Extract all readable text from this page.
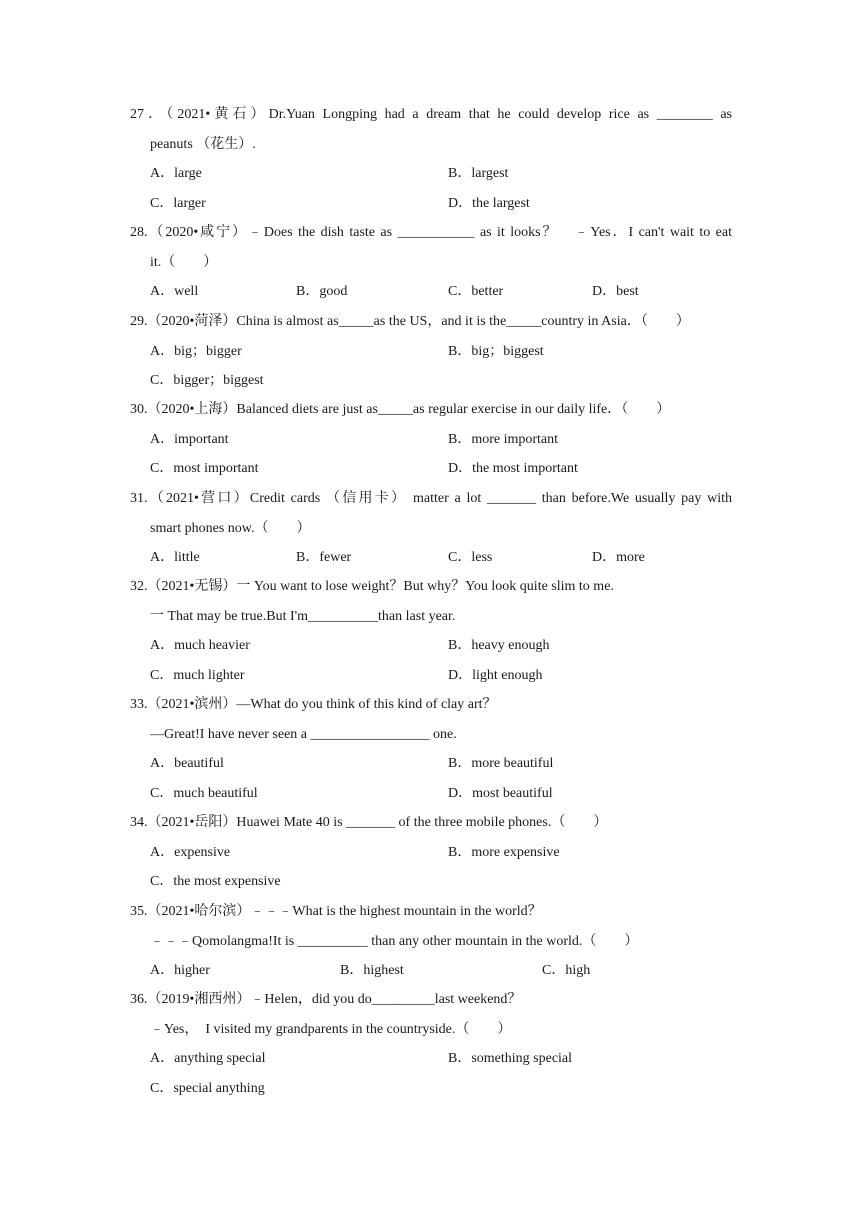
27．（2021•黄石）Dr.Yuan Longping had a dream that he could develop rice as ________ as
peanuts （花生）.
A．large	B．largest
C．larger	D．the largest
28.（2020•咸宁）﹣Does the dish taste as ___________ as it looks？　﹣Yes．I can't wait to eat
it.（　　）
A．well	B．good	C．better	D．best
29.（2020•菏泽）China is almost as_____as the US，and it is the_____country in Asia．（　　）
A．big；bigger	B．big；biggest
C．bigger；biggest
30.（2020•上海）Balanced diets are just as_____as regular exercise in our daily life．（　　）
A．important	B．more important
C．most important	D．the most important
31.（2021•营口）Credit cards （信用卡） matter a lot _______ than before.We usually pay with
smart phones now.（　　）
A．little	B．fewer	C．less	D．more
32.（2021•无锡）一 You want to lose weight？But why？You look quite slim to me.
一 That may be true.But I'm__________than last year.
A．much heavier	B．heavy enough
C．much lighter	D．light enough
33.（2021•滨州）—What do you think of this kind of clay art？
—Great!I have never seen a _________________ one.
A．beautiful	B．more beautiful
C．much beautiful	D．most beautiful
34.（2021•岳阳）Huawei Mate 40 is _______ of the three mobile phones.（　　）
A．expensive	B．more expensive
C．the most expensive
35.（2021•哈尔滨）﹣﹣﹣What is the highest mountain in the world？
﹣﹣﹣Qomolangma!It is __________ than any other mountain in the world.（　　）
A．higher	B．highest	C．high
36.（2019•湘西州）﹣Helen，did you do_________last weekend？
﹣Yes，　I visited my grandparents in the countryside.（　　）
A．anything special	B．something special
C．special anything
